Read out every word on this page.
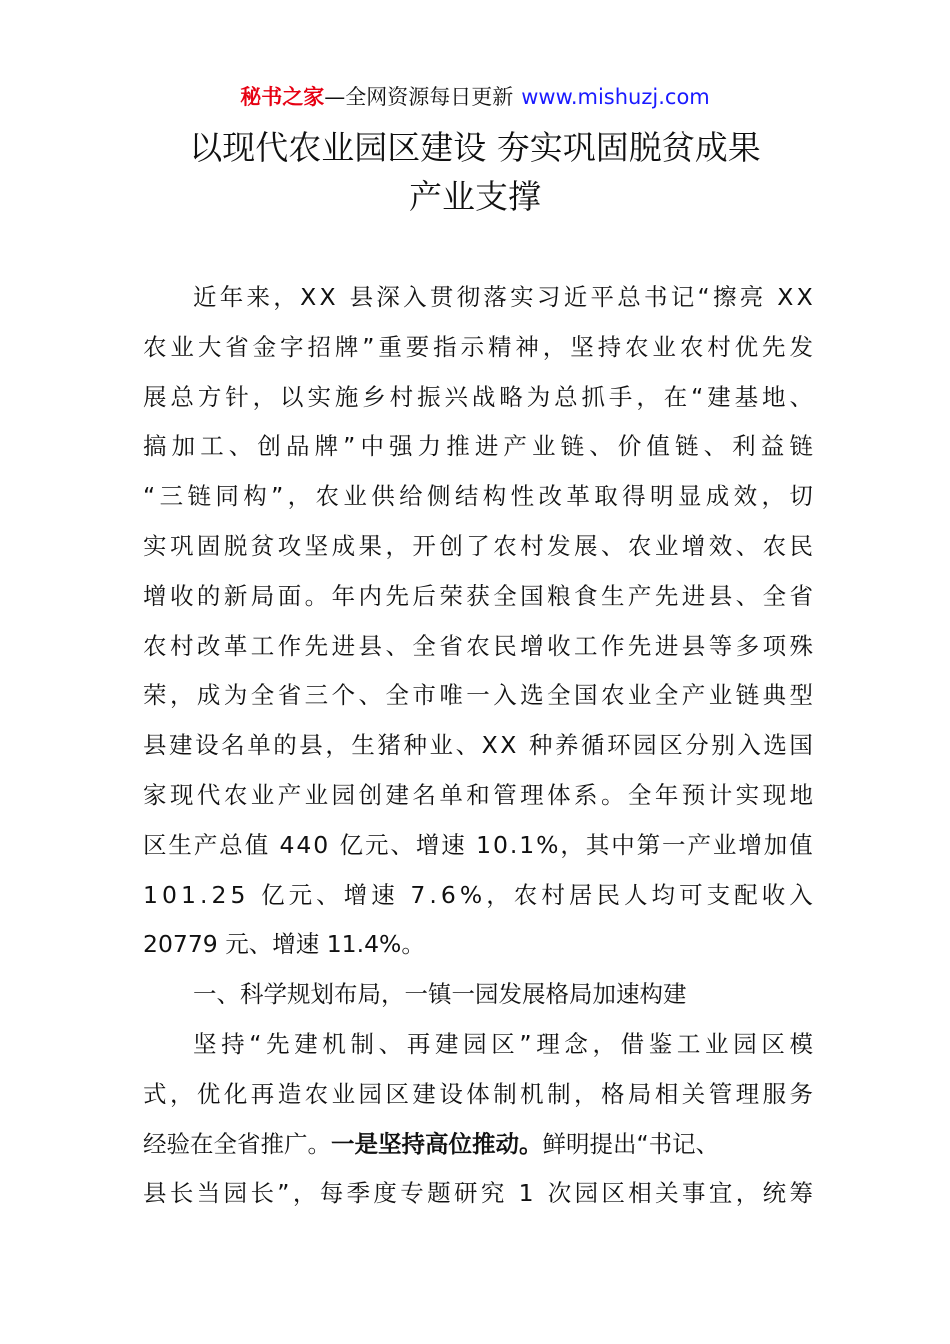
秘书之家—全网资源每日更新 www.mishuzj.com
以现代农业园区建设 夯实巩固脱贫成果
产业支撑
近 年 来 ， X X
县 深 入 贯 彻 落 实 习 近 平 总 书 记 “ 擦 亮
X X
农 业 大 省 金 字 招 牌 ” 重 要 指 示 精 神 ， 坚 持 农 业 农 村 优 先 发
展 总 方 针 ， 以 实 施 乡 村 振 兴 战 略 为 总 抓 手 ， 在 “ 建 基 地 、
搞 加 工 、 创 品 牌 ” 中 强 力 推 进 产 业 链 、 价 值 链 、 利 益 链
“ 三 链 同 构 ” ， 农 业 供 给 侧 结 构 性 改 革 取 得 明 显 成 效 ， 切
实 巩 固 脱 贫 攻 坚 成 果 ， 开 创 了 农 村 发 展 、 农 业 增 效 、 农 民
增 收 的 新 局 面 。 年 内 先 后 荣 获 全 国 粮 食 生 产 先 进 县 、 全 省
农 村 改 革 工 作 先 进 县 、 全 省 农 民 增 收 工 作 先 进 县 等 多 项 殊
荣 ， 成 为 全 省 三 个 、 全 市 唯 一 入 选 全 国 农 业 全 产 业 链 典 型
县 建 设 名 单 的 县 ， 生 猪 种 业 、 X X
种 养 循 环 园 区 分 别 入 选 国
家 现 代 农 业 产 业 园 创 建 名 单 和 管 理 体 系 。 全 年 预 计 实 现 地
区 生 产 总 值
4 4 0
亿 元 、 增 速
1 0 . 1 % ， 其 中 第 一 产 业 增 加 值
1 0 1 . 2 5
亿 元 、 增 速
7 . 6 % ， 农 村 居 民 人 均 可 支 配 收 入
20779 元、增速 11.4%。
一、科学规划布局，一镇一园发展格局加速构建
坚 持 “ 先 建 机 制 、 再 建 园 区 ” 理 念 ， 借 鉴 工 业 园 区 模
式 ， 优 化 再 造 农 业 园 区 建 设 体 制 机 制 ， 格 局 相 关 管 理 服 务
经验在全省推广。一是坚持高位推动。鲜明提出“书记、
县 长 当 园 长 ” ， 每 季 度 专 题 研 究
1
次 园 区 相 关 事 宜 ， 统 筹
